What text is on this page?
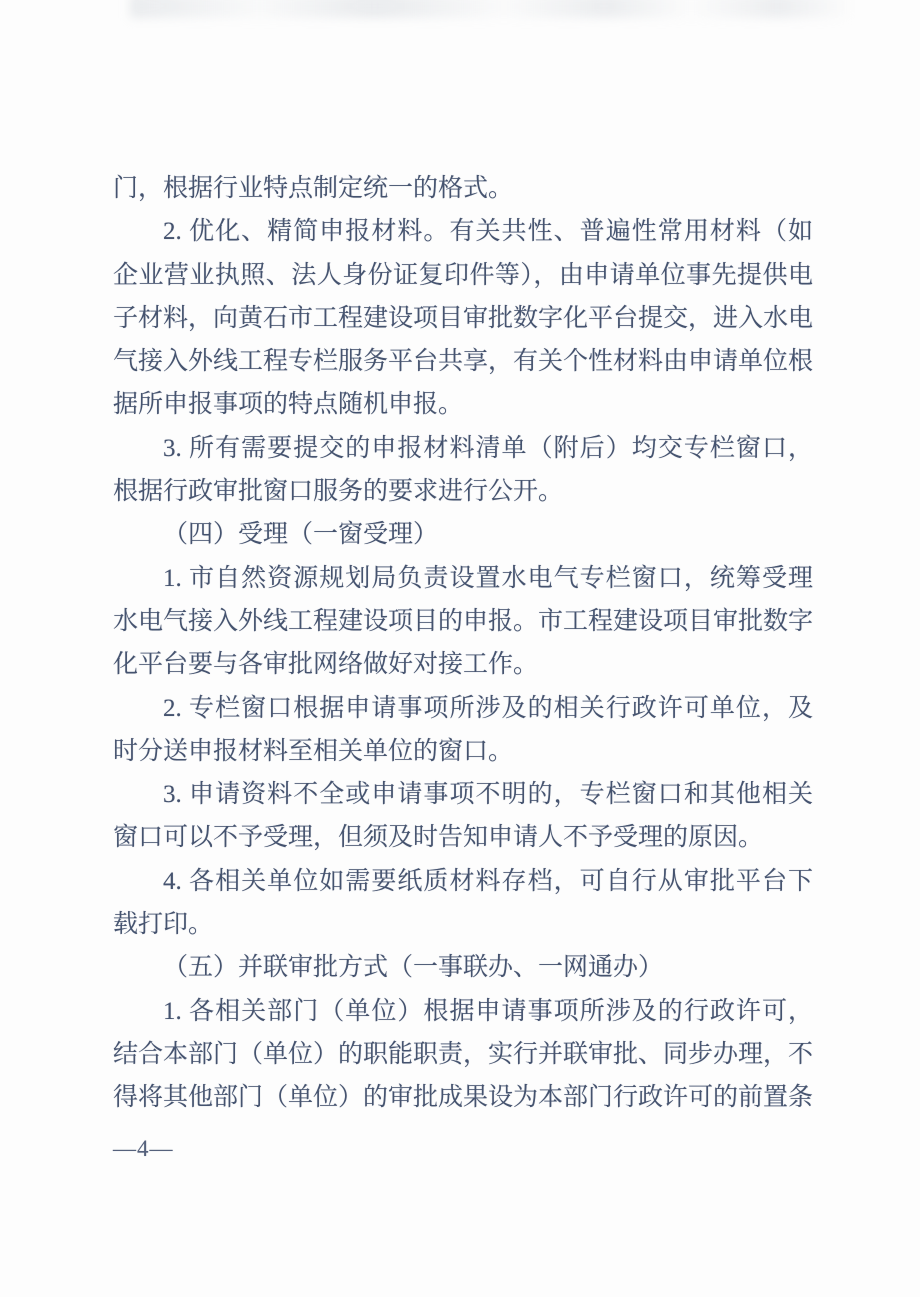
门，根据行业特点制定统一的格式。
2. 优化、精简申报材料。有关共性、普遍性常用材料（如
企业营业执照、法人身份证复印件等），由申请单位事先提供电
子材料，向黄石市工程建设项目审批数字化平台提交，进入水电
气接入外线工程专栏服务平台共享，有关个性材料由申请单位根
据所申报事项的特点随机申报。
3. 所有需要提交的申报材料清单（附后）均交专栏窗口，
根据行政审批窗口服务的要求进行公开。
（四）受理（一窗受理）
1. 市自然资源规划局负责设置水电气专栏窗口，统筹受理
水电气接入外线工程建设项目的申报。市工程建设项目审批数字
化平台要与各审批网络做好对接工作。
2. 专栏窗口根据申请事项所涉及的相关行政许可单位，及
时分送申报材料至相关单位的窗口。
3. 申请资料不全或申请事项不明的，专栏窗口和其他相关
窗口可以不予受理，但须及时告知申请人不予受理的原因。
4. 各相关单位如需要纸质材料存档，可自行从审批平台下
载打印。
（五）并联审批方式（一事联办、一网通办）
1. 各相关部门（单位）根据申请事项所涉及的行政许可，
结合本部门（单位）的职能职责，实行并联审批、同步办理，不
得将其他部门（单位）的审批成果设为本部门行政许可的前置条
—4—
